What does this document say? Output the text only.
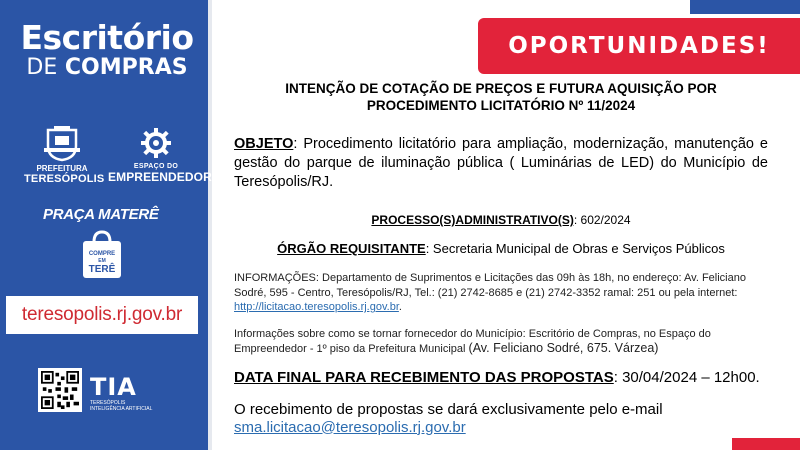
Escritório
DE COMPRAS
PREFEITURA
TERESÓPOLIS
ESPAÇO DO
EMPREENDEDOR
PRAÇA MATERÊ
COMPRE
EM
TERÊ
teresopolis.rj.gov.br
TIA
TERESÓPOLIS
INTELIGÊNCIA ARTIFICIAL
OPORTUNIDADES!
INTENÇÃO DE COTAÇÃO DE PREÇOS E FUTURA AQUISIÇÃO POR
PROCEDIMENTO LICITATÓRIO Nº 11/2024
OBJETO: Procedimento licitatório para ampliação, modernização, manutenção e gestão do parque de iluminação pública ( Luminárias de LED) do Município de Teresópolis/RJ.
PROCESSO(S)ADMINISTRATIVO(S): 602/2024
ÓRGÃO REQUISITANTE: Secretaria Municipal de Obras e Serviços Públicos
INFORMAÇÕES: Departamento de Suprimentos e Licitações das 09h às 18h, no endereço: Av. Feliciano Sodré, 595 - Centro, Teresópolis/RJ, Tel.: (21) 2742-8685 e (21) 2742-3352 ramal: 251 ou pela internet: http://licitacao.teresopolis.rj.gov.br.
Informações sobre como se tornar fornecedor do Município: Escritório de Compras, no Espaço do Empreendedor - 1º piso da Prefeitura Municipal (Av. Feliciano Sodré, 675. Várzea)
DATA FINAL PARA RECEBIMENTO DAS PROPOSTAS: 30/04/2024 – 12h00.
O recebimento de propostas se dará exclusivamente pelo e-mail
sma.licitacao@teresopolis.rj.gov.br
